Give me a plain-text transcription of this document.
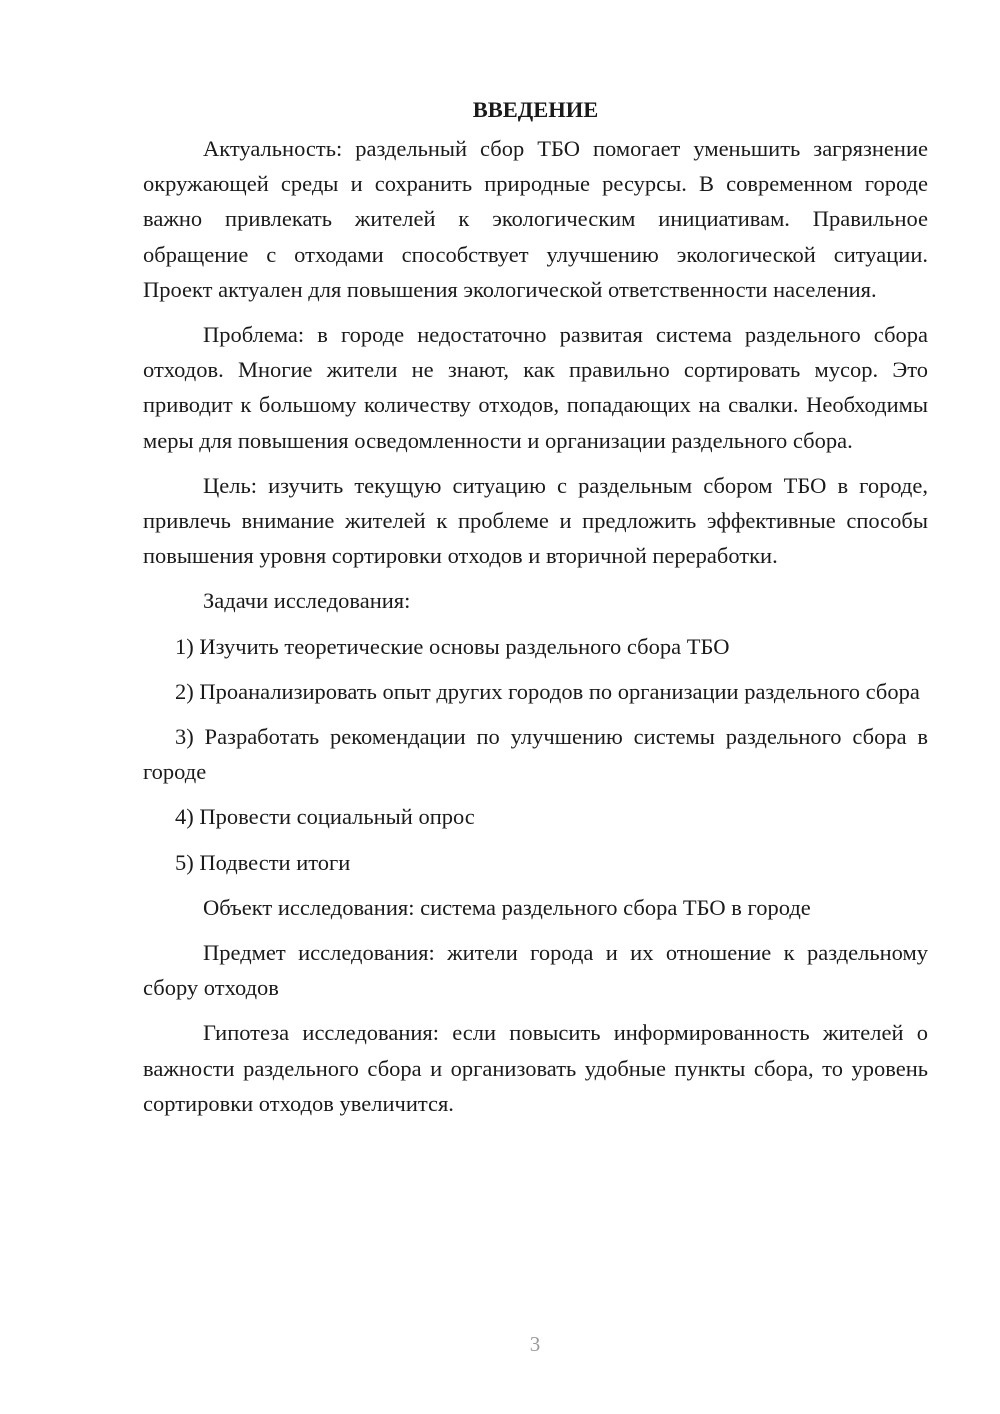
ВВЕДЕНИЕ

Актуальность: раздельный сбор ТБО помогает уменьшить загрязнение окружающей среды и сохранить природные ресурсы. В современном городе важно привлекать жителей к экологическим инициативам. Правильное обращение с отходами способствует улучшению экологической ситуации. Проект актуален для повышения экологической ответственности населения.

Проблема: в городе недостаточно развитая система раздельного сбора отходов. Многие жители не знают, как правильно сортировать мусор. Это приводит к большому количеству отходов, попадающих на свалки. Необходимы меры для повышения осведомленности и организации раздельного сбора.

Цель: изучить текущую ситуацию с раздельным сбором ТБО в городе, привлечь внимание жителей к проблеме и предложить эффективные способы повышения уровня сортировки отходов и вторичной переработки.

Задачи исследования:

1) Изучить теоретические основы раздельного сбора ТБО

2) Проанализировать опыт других городов по организации раздельного сбора

3) Разработать рекомендации по улучшению системы раздельного сбора в городе

4) Провести социальный опрос

5) Подвести итоги

Объект исследования: система раздельного сбора ТБО в городе

Предмет исследования: жители города и их отношение к раздельному сбору отходов

Гипотеза исследования: если повысить информированность жителей о важности раздельного сбора и организовать удобные пункты сбора, то уровень сортировки отходов увеличится.

3
